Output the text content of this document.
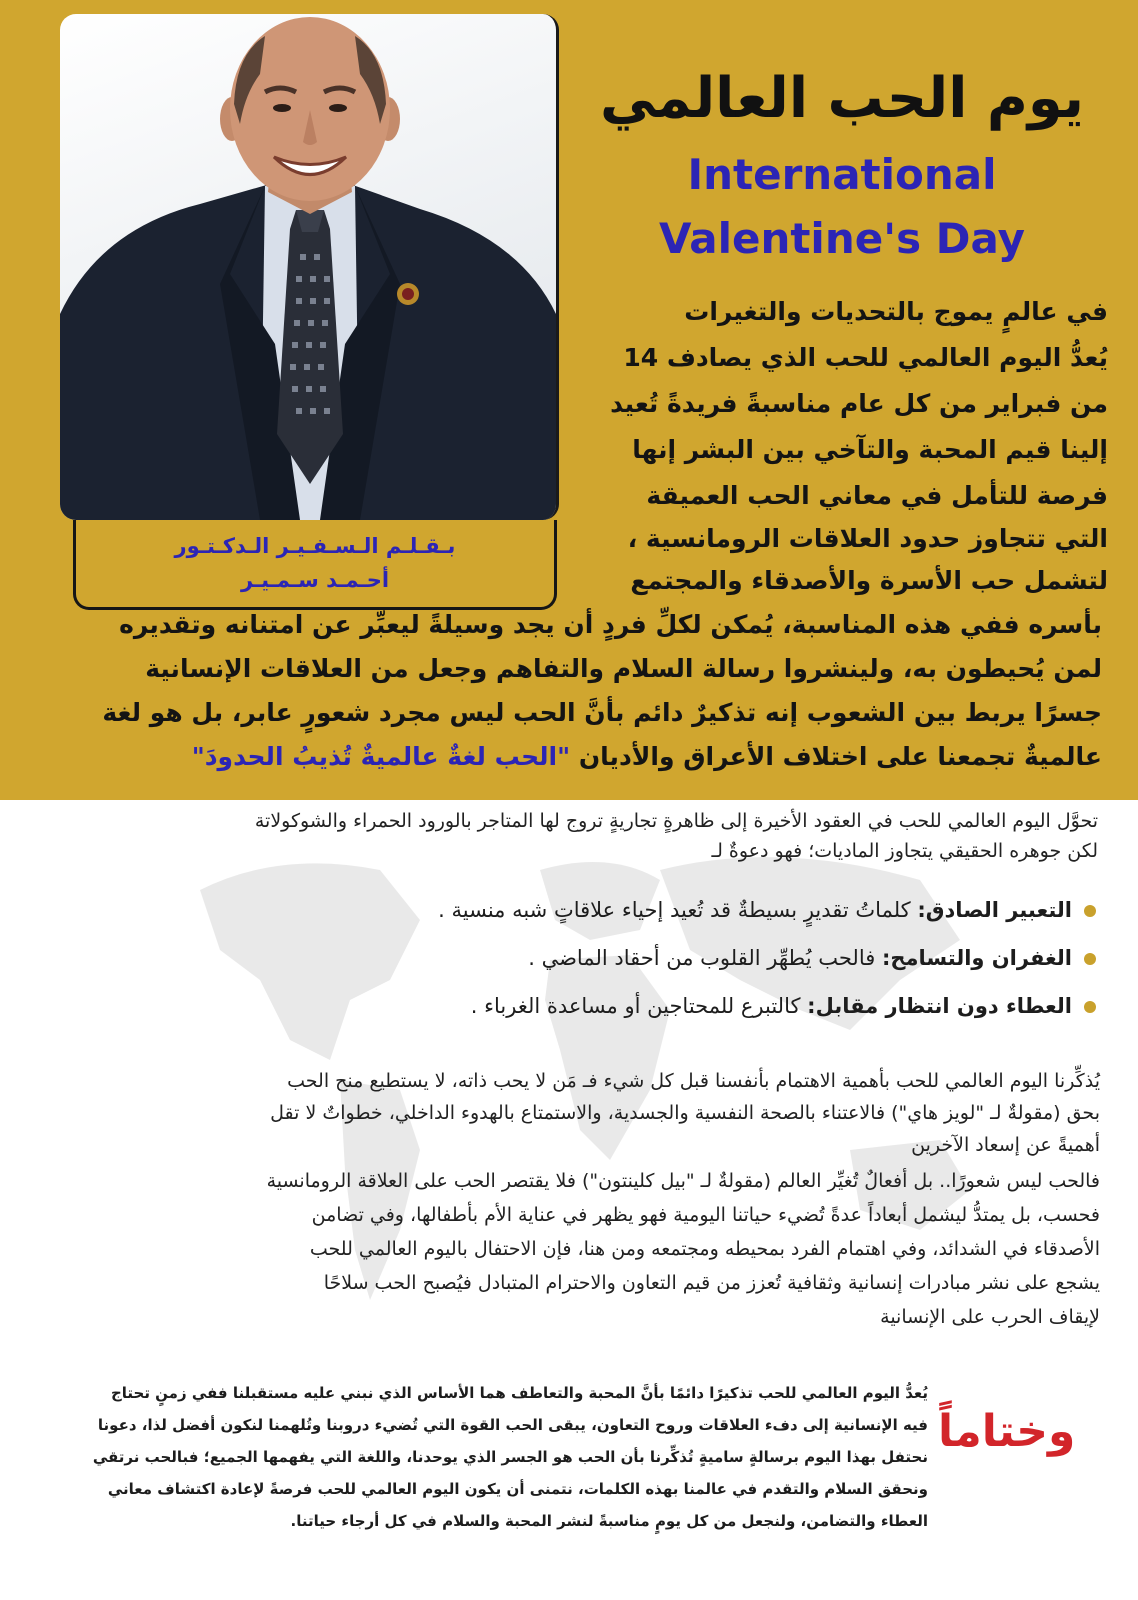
بـقـلـم الـسـفـيـر الـدكـتـور
أحـمـد سـمـيـر
يوم الحب العالمي
International
Valentine's Day
في عالمٍ يموج بالتحديات والتغيرات
يُعدُّ اليوم العالمي للحب الذي يصادف 14
من فبراير من كل عام مناسبةً فريدةً تُعيد
إلينا قيم المحبة والتآخي بين البشر إنها
فرصة للتأمل في معاني الحب العميقة
التي تتجاوز حدود العلاقات الرومانسية ،
لتشمل حب الأسرة والأصدقاء والمجتمع
بأسره ففي هذه المناسبة، يُمكن لكلِّ فردٍ أن يجد وسيلةً ليعبِّر عن امتنانه وتقديره
لمن يُحيطون به، ولينشروا رسالة السلام والتفاهم وجعل من العلاقات الإنسانية
جسرًا يربط بين الشعوب إنه تذكيرٌ دائم بأنَّ الحب ليس مجرد شعورٍ عابر، بل هو لغة
عالميةٌ تجمعنا على اختلاف الأعراق والأديان "الحب لغةٌ عالميةٌ تُذيبُ الحدودَ"
تحوَّل اليوم العالمي للحب في العقود الأخيرة إلى ظاهرةٍ تجاريةٍ تروج لها المتاجر بالورود الحمراء والشوكولاتة
لكن جوهره الحقيقي يتجاوز الماديات؛ فهو دعوةٌ لـ
التعبير الصادق: كلماتُ تقديرٍ بسيطةٌ قد تُعيد إحياء علاقاتٍ شبه منسية .
الغفران والتسامح: فالحب يُطهِّر القلوب من أحقاد الماضي .
العطاء دون انتظار مقابل: كالتبرع للمحتاجين أو مساعدة الغرباء .
يُذكِّرنا اليوم العالمي للحب بأهمية الاهتمام بأنفسنا قبل كل شيء فـ مَن لا يحب ذاته، لا يستطيع منح الحب
بحق (مقولةٌ لـ "لويز هاي") فالاعتناء بالصحة النفسية والجسدية، والاستمتاع بالهدوء الداخلي، خطواتٌ لا تقل
أهميةً عن إسعاد الآخرين
فالحب ليس شعورًا.. بل أفعالٌ تُغيِّر العالم (مقولةٌ لـ "بيل كلينتون") فلا يقتصر الحب على العلاقة الرومانسية
فحسب، بل يمتدُّ ليشمل أبعاداً عدةً تُضيء حياتنا اليومية فهو يظهر في عناية الأم بأطفالها، وفي تضامن
الأصدقاء في الشدائد، وفي اهتمام الفرد بمحيطه ومجتمعه ومن هنا، فإن الاحتفال باليوم العالمي للحب
يشجع على نشر مبادرات إنسانية وثقافية تُعزز من قيم التعاون والاحترام المتبادل فيُصبح الحب سلاحًا
لإيقاف الحرب على الإنسانية
وختاماً
يُعدُّ اليوم العالمي للحب تذكيرًا دائمًا بأنَّ المحبة والتعاطف هما الأساس الذي نبني عليه مستقبلنا ففي زمنٍ تحتاج
فيه الإنسانية إلى دفء العلاقات وروح التعاون، يبقى الحب القوة التي تُضيء دروبنا وتُلهمنا لنكون أفضل لذا، دعونا
نحتفل بهذا اليوم برسالةٍ ساميةٍ تُذكِّرنا بأن الحب هو الجسر الذي يوحدنا، واللغة التي يفهمها الجميع؛ فبالحب نرتقي
ونحقق السلام والتقدم في عالمنا بهذه الكلمات، نتمنى أن يكون اليوم العالمي للحب فرصةً لإعادة اكتشاف معاني
العطاء والتضامن، ولنجعل من كل يومٍ مناسبةً لنشر المحبة والسلام في كل أرجاء حياتنا.
